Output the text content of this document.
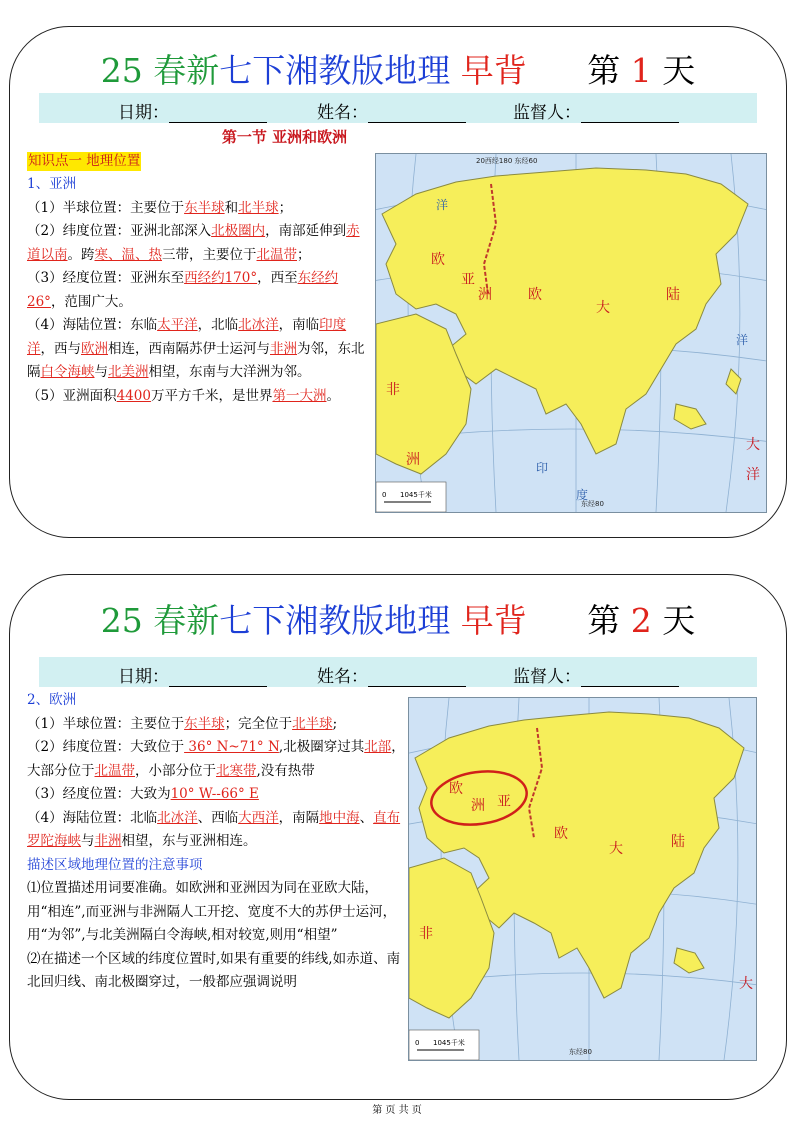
25 春新七下湘教版地理 早背 第 1 天
日期：	姓名：	监督人：
第一节 亚洲和欧洲
知识点一 地理位置
1、亚洲
（1）半球位置：主要位于东半球和北半球；
（2）纬度位置：亚洲北部深入北极圈内，南部延伸到赤道以南。跨寒、温、热三带，主要位于北温带；
（3）经度位置：亚洲东至西经约170°，西至东经约 26°，范围广大。
（4）海陆位置：东临太平洋，北临北冰洋，南临印度洋，西与欧洲相连，西南隔苏伊士运河与非洲为邻，东北隔白令海峡与北美洲相望，东南与大洋洲为邻。
（5）亚洲面积4400万平方千米，是世界第一大洲。
欧
亚
洲	欧
大
陆
非
洲
大
洋
洋
洋
印
度
20西经180 东经60
东经80
0 1045千米
25 春新七下湘教版地理 早背 第 2 天
日期：	姓名：	监督人：
2、欧洲
（1）半球位置：主要位于东半球；完全位于北半球;
（2）纬度位置：大致位于 36° N~71° N,北极圈穿过其北部，大部分位于北温带，小部分位于北寒带,没有热带
（3）经度位置：大致为10° W--66° E
（4）海陆位置：北临北冰洋、西临大西洋，南隔地中海、直布罗陀海峡与非洲相望，东与亚洲相连。
描述区域地理位置的注意事项
⑴位置描述用词要准确。如欧洲和亚洲因为同在亚欧大陆，用“相连”,而亚洲与非洲隔人工开挖、宽度不大的苏伊士运河，用“为邻”,与北美洲隔白令海峡,相对较宽,则用“相望”
⑵在描述一个区域的纬度位置时,如果有重要的纬线,如赤道、南北回归线、南北极圈穿过，一般都应强调说明
欧
洲 亚
欧
大	陆
非
大
东经80
0 1045千米
第 页 共 页
